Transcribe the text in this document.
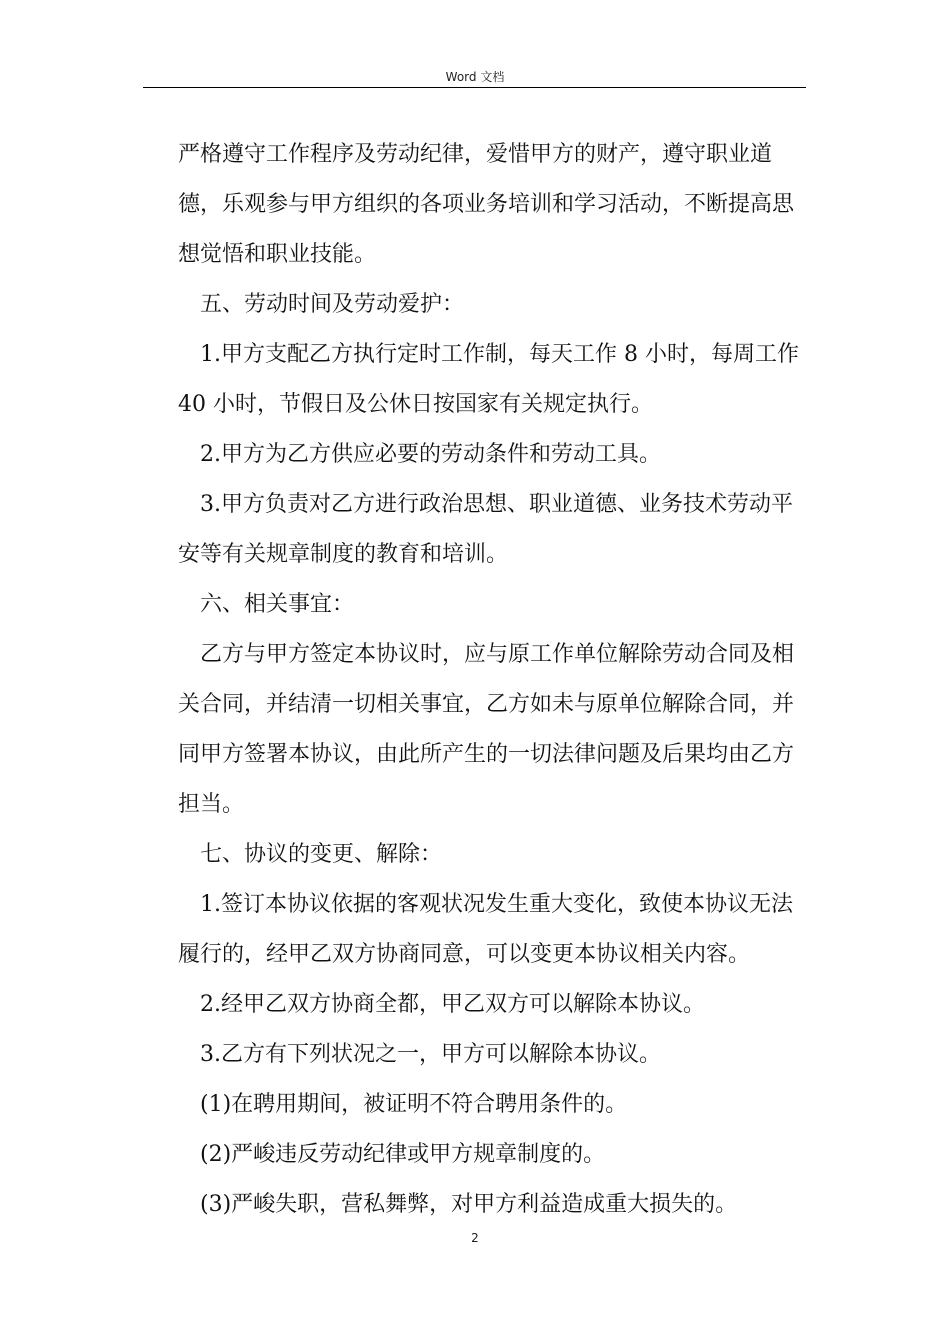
Word 文档

严格遵守工作程序及劳动纪律，爱惜甲方的财产，遵守职业道德，乐观参与甲方组织的各项业务培训和学习活动，不断提高思想觉悟和职业技能。

五、劳动时间及劳动爱护：

1.甲方支配乙方执行定时工作制，每天工作 8 小时，每周工作 40 小时，节假日及公休日按国家有关规定执行。

2.甲方为乙方供应必要的劳动条件和劳动工具。

3.甲方负责对乙方进行政治思想、职业道德、业务技术劳动平安等有关规章制度的教育和培训。

六、相关事宜：

乙方与甲方签定本协议时，应与原工作单位解除劳动合同及相关合同，并结清一切相关事宜，乙方如未与原单位解除合同，并同甲方签署本协议，由此所产生的一切法律问题及后果均由乙方担当。

七、协议的变更、解除：

1.签订本协议依据的客观状况发生重大变化，致使本协议无法履行的，经甲乙双方协商同意，可以变更本协议相关内容。

2.经甲乙双方协商全都，甲乙双方可以解除本协议。

3.乙方有下列状况之一，甲方可以解除本协议。

(1)在聘用期间，被证明不符合聘用条件的。

(2)严峻违反劳动纪律或甲方规章制度的。

(3)严峻失职，营私舞弊，对甲方利益造成重大损失的。

2
